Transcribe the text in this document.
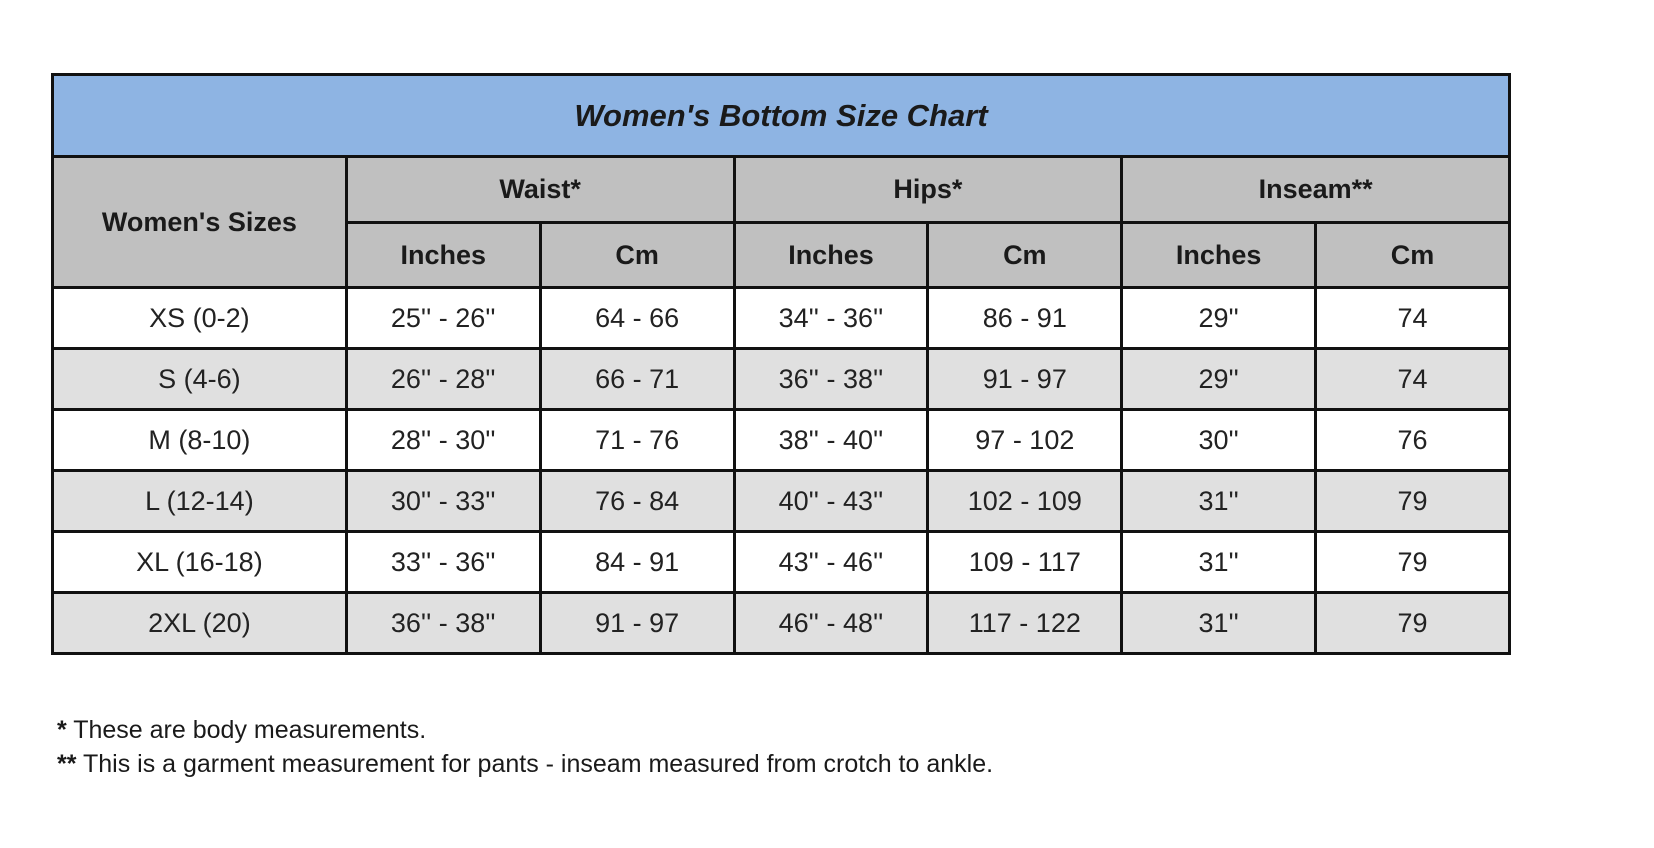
Women's Bottom Size Chart						
Women's Sizes	Waist*		Hips*		Inseam**	
	Inches	Cm	Inches	Cm	Inches	Cm
XS (0-2)	25'' - 26''	64 - 66	34'' - 36''	86 - 91	29''	74
S (4-6)	26'' - 28''	66 - 71	36'' - 38''	91 - 97	29''	74
M (8-10)	28'' - 30''	71 - 76	38'' - 40''	97 - 102	30''	76
L (12-14)	30'' - 33''	76 - 84	40'' - 43''	102 - 109	31''	79
XL (16-18)	33'' - 36''	84 - 91	43'' - 46''	109 - 117	31''	79
2XL (20)	36'' - 38''	91 - 97	46'' - 48''	117 - 122	31''	79
* These are body measurements.
** This is a garment measurement for pants - inseam measured from crotch to ankle.
